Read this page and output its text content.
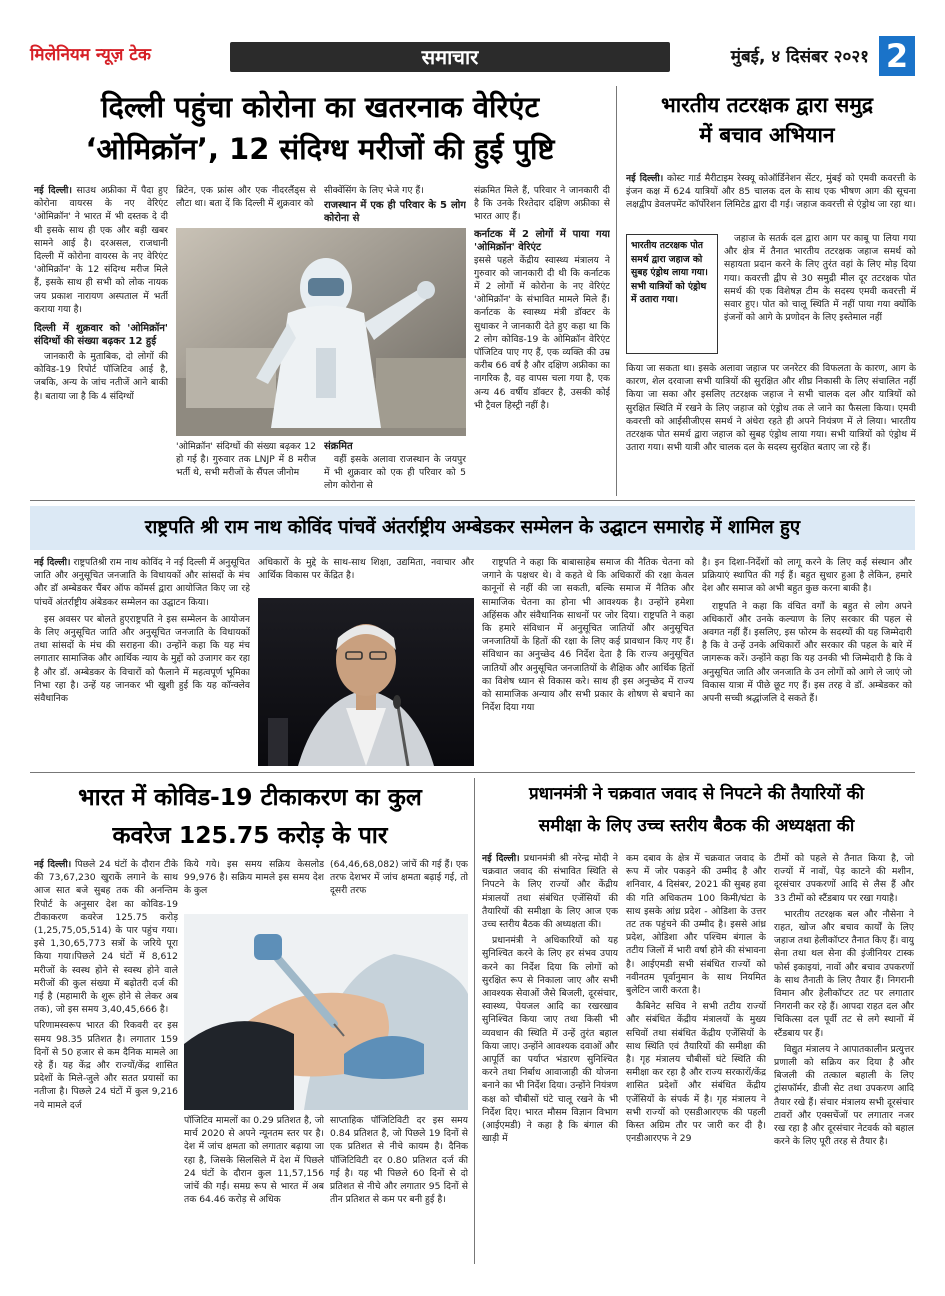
मिलेनियम न्यूज़ टेक	समाचार	मुंबई, ४ दिसंबर २०२१ 2
दिल्ली पहुंचा कोरोना का खतरनाक वेरिएंट
‘ओमिक्रॉन’, 12 संदिग्ध मरीजों की हुई पुष्टि

नई दिल्ली। साउथ अफ्रीका में पैदा हुए कोरोना वायरस के नए वेरिएंट 'ओमिक्रॉन' ने भारत में भी दस्तक दे दी थी इसके साथ ही एक और बड़ी खबर सामने आई है। दरअसल, राजधानी दिल्ली में कोरोना वायरस के नए वेरिएंट 'ओमिक्रॉन' के 12 संदिग्ध मरीज मिले हैं, इसके साथ ही सभी को लोक नायक जय प्रकाश नारायण अस्पताल में भर्ती कराया गया है।

दिल्ली में शुक्रवार को 'ओमिक्रॉन' संदिग्धों की संख्या बढ़कर 12 हुई

जानकारी के मुताबिक, दो लोगों की कोविड-19 रिपोर्ट पॉजिटिव आई है, जबकि, अन्य के जांच नतीजें आने बाकी है। बताया जा है कि 4 संदिग्धों

ब्रिटेन, एक फ्रांस और एक नीदरलैंड्स से लौटा था। बता दें कि दिल्ली में शुक्रवार को

सीक्वेंसिंग के लिए भेजे गए हैं।

राजस्थान में एक ही परिवार के 5 लोग कोरोना से

'ओमिक्रॉन' संदिग्धों की संख्या बढ़कर 12 हो गई है। गुरुवार तक LNJP में 8 मरीज भर्ती थे, सभी मरीजों के सैंपल जीनोम

संक्रमित

वहीं इसके अलावा राजस्थान के जयपुर में भी शुक्रवार को एक ही परिवार को 5 लोग कोरोना से

संक्रमित मिले हैं, परिवार ने जानकारी दी है कि उनके रिश्तेदार दक्षिण अफ्रीका से भारत आए हैं।

कर्नाटक में 2 लोगों में पाया गया 'ओमिक्रॉन' वेरिएंट

इससे पहले केंद्रीय स्वास्थ्य मंत्रालय ने गुरुवार को जानकारी दी थी कि कर्नाटक में 2 लोगों में कोरोना के नए वेरिएंट 'ओमिक्रॉन' के संभावित मामले मिले हैं। कर्नाटक के स्वास्थ्य मंत्री डॉक्टर के सुधाकर ने जानकारी देते हुए कहा था कि 2 लोग कोविड-19 के ओमिक्रॉन वेरिएंट पॉजिटिव पाए गए हैं, एक व्यक्ति की उम्र करीब 66 वर्ष है और दक्षिण अफ्रीका का नागरिक है, वह वापस चला गया है, एक अन्य 46 वर्षीय डॉक्टर है, उसकी कोई भी ट्रैवल हिस्ट्री नहीं है।

भारतीय तटरक्षक द्वारा समुद्र
में बचाव अभियान

नई दिल्ली। कोस्ट गार्ड मैरीटाइम रेस्क्यू कोऑर्डिनेशन सेंटर, मुंबई को एमवी कवरत्ती के इंजन कक्ष में 624 यात्रियों और 85 चालक दल के साथ एक भीषण आग की सूचना लक्षद्वीप डेवलपमेंट कॉर्पोरेशन लिमिटेड द्वारा दी गई। जहाज कवरत्ती से एंड्रोथ जा रहा था।

भारतीय तटरक्षक पोत समर्थ द्वारा जहाज को सुबह एंड्रोथ लाया गया। सभी यात्रियों को एंड्रोथ में उतारा गया।

जहाज के सतर्क दल द्वारा आग पर काबू पा लिया गया और क्षेत्र में तैनात भारतीय तटरक्षक जहाज समर्थ को सहायता प्रदान करने के लिए तुरंत वहां के लिए मोड़ दिया गया। कवरत्ती द्वीप से 30 समुद्री मील दूर तटरक्षक पोत समर्थ की एक विशेषज्ञ टीम के सदस्य एमवी कवरत्ती में सवार हुए। पोत को चालू स्थिति में नहीं पाया गया क्योंकि इंजनों को आगे के प्रणोदन के लिए इस्तेमाल नहीं

किया जा सकता था। इसके अलावा जहाज पर जनरेटर की विफलता के कारण, आग के कारण, शेल दरवाजा सभी यात्रियों की सुरक्षित और शीघ्र निकासी के लिए संचालित नहीं किया जा सका और इसलिए तटरक्षक जहाज ने सभी चालक दल और यात्रियों को सुरक्षित स्थिति में रखने के लिए जहाज को एंड्रोथ तक ले जाने का फैसला किया। एमवी कवरत्ती को आईसीजीएस समर्थ ने अंधेरा रहते ही अपने नियंत्रण में ले लिया। भारतीय तटरक्षक पोत समर्थ द्वारा जहाज को सुबह एंड्रोथ लाया गया। सभी यात्रियों को एंड्रोथ में उतारा गया। सभी यात्री और चालक दल के सदस्य सुरक्षित बताए जा रहे हैं।

राष्ट्रपति श्री राम नाथ कोविंद पांचवें अंतर्राष्ट्रीय अम्बेडकर सम्मेलन के उद्घाटन समारोह में शामिल हुए

नई दिल्ली। राष्ट्रपतिश्री राम नाथ कोविंद ने नई दिल्ली में अनुसूचित जाति और अनुसूचित जनजाति के विधायकों और सांसदों के मंच और डॉ अम्बेडकर चैंबर ऑफ कॉमर्स द्वारा आयोजित किए जा रहे पांचवें अंतर्राष्ट्रीय अंबेडकर सम्मेलन का उद्घाटन किया।

इस अवसर पर बोलते हुएराष्ट्रपति ने इस सम्मेलन के आयोजन के लिए अनुसूचित जाति और अनुसूचित जनजाति के विधायकों तथा सांसदों के मंच की सराहना की। उन्होंने कहा कि यह मंच लगातार सामाजिक और आर्थिक न्याय के मुद्दों को उजागर कर रहा है और डॉ. अम्बेडकर के विचारों को फैलाने में महत्वपूर्ण भूमिका निभा रहा है। उन्हें यह जानकर भी खुशी हुई कि यह कॉन्क्लेव संवैधानिक

अधिकारों के मुद्दे के साथ-साथ शिक्षा, उद्यमिता, नवाचार और आर्थिक विकास पर केंद्रित है।

राष्ट्रपति ने कहा कि बाबासाहेब समाज की नैतिक चेतना को जगाने के पक्षधर थे। वे कहते थे कि अधिकारों की रक्षा केवल कानूनों से नहीं की जा सकती, बल्कि समाज में नैतिक और सामाजिक चेतना का होना भी आवश्यक है। उन्होंने हमेशा अहिंसक और संवैधानिक साधनों पर जोर दिया। राष्ट्रपति ने कहा कि हमारे संविधान में अनुसूचित जातियों और अनुसूचित जनजातियों के हितों की रक्षा के लिए कई प्रावधान किए गए हैं। संविधान का अनुच्छेद 46 निर्देश देता है कि राज्य अनुसूचित जातियों और अनुसूचित जनजातियों के शैक्षिक और आर्थिक हितों का विशेष ध्यान से विकास करे। साथ ही इस अनुच्छेद में राज्य को सामाजिक अन्याय और सभी प्रकार के शोषण से बचाने का निर्देश दिया गया

है। इन दिशा-निर्देशों को लागू करने के लिए कई संस्थान और प्रक्रियाएं स्थापित की गई हैं। बहुत सुधार हुआ है लेकिन, हमारे देश और समाज को अभी बहुत कुछ करना बाकी है।

राष्ट्रपति ने कहा कि वंचित वर्गों के बहुत से लोग अपने अधिकारों और उनके कल्याण के लिए सरकार की पहल से अवगत नहीं हैं। इसलिए, इस फोरम के सदस्यों की यह जिम्मेदारी है कि वे उन्हें उनके अधिकारों और सरकार की पहल के बारे में जागरूक करें। उन्होंने कहा कि यह उनकी भी जिम्मेदारी है कि वे अनुसूचित जाति और जनजाति के उन लोगों को आगे ले जाएं जो विकास यात्रा में पीछे छूट गए हैं। इस तरह वे डॉ. अम्बेडकर को अपनी सच्ची श्रद्धांजलि दे सकते हैं।

भारत में कोविड-19 टीकाकरण का कुल
कवरेज 125.75 करोड़ के पार

नई दिल्ली। पिछले 24 घंटों के दौरान टीके की 73,67,230 खुराकें लगाने के साथ आज सात बजे सुबह तक की अनन्तिम रिपोर्ट के अनुसार देश का कोविड-19 टीकाकरण कवरेज 125.75 करोड़ (1,25,75,05,514) के पार पहुंच गया। इसे 1,30,65,773 सत्रों के जरिये पूरा किया गया।पिछले 24 घंटों में 8,612 मरीजों के स्वस्थ होने से स्वस्थ होने वाले मरीजों की कुल संख्या में बढ़ोतरी दर्ज की गई है (महामारी के शुरू होने से लेकर अब तक), जो इस समय 3,40,45,666 है।

परिणामस्वरूप भारत की रिकवरी दर इस समय 98.35 प्रतिशत है। लगातार 159 दिनों से 50 हजार से कम दैनिक मामले आ रहे हैं। यह केंद्र और राज्यों/केंद्र शासित प्रदेशों के मिले-जुले और सतत प्रयासों का नतीजा है। पिछले 24 घंटों में कुल 9,216 नये मामले दर्ज

किये गये। इस समय सक्रिय केसलोड 99,976 है। सक्रिय मामले इस समय देश के कुल

(64,46,68,082) जांचें की गई हैं। एक तरफ देशभर में जांच क्षमता बढ़ाई गई, तो दूसरी तरफ

पॉजिटिव मामलों का 0.29 प्रतिशत है, जो मार्च 2020 से अपने न्यूनतम स्तर पर है। देश में जांच क्षमता को लगातार बढ़ाया जा रहा है, जिसके सिलसिले में देश में पिछले 24 घंटों के दौरान कुल 11,57,156 जांचें की गईं। समग्र रूप से भारत में अब तक 64.46 करोड़ से अधिक

साप्ताहिक पॉजिटिविटी दर इस समय 0.84 प्रतिशत है, जो पिछले 19 दिनों से एक प्रतिशत से नीचे कायम है। दैनिक पॉजिटिविटी दर 0.80 प्रतिशत दर्ज की गई है। यह भी पिछले 60 दिनों से दो प्रतिशत से नीचे और लगातार 95 दिनों से तीन प्रतिशत से कम पर बनी हुई है।

प्रधानमंत्री ने चक्रवात जवाद से निपटने की तैयारियों की
समीक्षा के लिए उच्च स्तरीय बैठक की अध्यक्षता की

नई दिल्ली। प्रधानमंत्री श्री नरेन्द्र मोदी ने चक्रवात जवाद की संभावित स्थिति से निपटने के लिए राज्यों और केंद्रीय मंत्रालयों तथा संबंधित एजेंसियों की तैयारियों की समीक्षा के लिए आज एक उच्च स्तरीय बैठक की अध्यक्षता की।

प्रधानमंत्री ने अधिकारियों को यह सुनिश्चित करने के लिए हर संभव उपाय करने का निर्देश दिया कि लोगों को सुरक्षित रूप से निकाला जाए और सभी आवश्यक सेवाओं जैसे बिजली, दूरसंचार, स्वास्थ्य, पेयजल आदि का रखरखाव सुनिश्चित किया जाए तथा किसी भी व्यवधान की स्थिति में उन्हें तुरंत बहाल किया जाए। उन्होंने आवश्यक दवाओं और आपूर्ति का पर्याप्त भंडारण सुनिश्चित करने तथा निर्बाध आवाजाही की योजना बनाने का भी निर्देश दिया। उन्होंने नियंत्रण कक्ष को चौबीसों घंटे चालू रखने के भी निर्देश दिए। भारत मौसम विज्ञान विभाग (आईएमडी) ने कहा है कि बंगाल की खाड़ी में

कम दबाव के क्षेत्र में चक्रवात जवाद के रूप में जोर पकड़ने की उम्मीद है और शनिवार, 4 दिसंबर, 2021 की सुबह हवा की गति अधिकतम 100 किमी/घंटा के साथ इसके आंध्र प्रदेश - ओडिशा के उत्तर तट तक पहुंचने की उम्मीद है। इससे आंध्र प्रदेश, ओडिशा और पश्चिम बंगाल के तटीय जिलों में भारी वर्षा होने की संभावना है। आईएमडी सभी संबंधित राज्यों को नवीनतम पूर्वानुमान के साथ नियमित बुलेटिन जारी करता है।

कैबिनेट सचिव ने सभी तटीय राज्यों और संबंधित केंद्रीय मंत्रालयों के मुख्य सचिवों तथा संबंधित केंद्रीय एजेंसियों के साथ स्थिति एवं तैयारियों की समीक्षा की है। गृह मंत्रालय चौबीसों घंटे स्थिति की समीक्षा कर रहा है और राज्य सरकारों/केंद्र शासित प्रदेशों और संबंधित केंद्रीय एजेंसियों के संपर्क में है। गृह मंत्रालय ने सभी राज्यों को एसडीआरएफ की पहली किस्त अग्रिम तौर पर जारी कर दी है। एनडीआरएफ ने 29

टीमों को पहले से तैनात किया है, जो राज्यों में नावों, पेड़ काटने की मशीन, दूरसंचार उपकरणों आदि से लैस हैं और 33 टीमों को स्टैंडबाय पर रखा गयाहै।

भारतीय तटरक्षक बल और नौसेना ने राहत, खोज और बचाव कार्यों के लिए जहाज तथा हेलीकॉप्टर तैनात किए हैं। वायु सेना तथा थल सेना की इंजीनियर टास्क फोर्स इकाइयां, नावों और बचाव उपकरणों के साथ तैनाती के लिए तैयार हैं। निगरानी विमान और हेलीकॉप्टर तट पर लगातार निगरानी कर रहे हैं। आपदा राहत दल और चिकित्सा दल पूर्वी तट से लगे स्थानों में स्टैंडबाय पर हैं।

विद्युत मंत्रालय ने आपातकालीन प्रत्युत्तर प्रणाली को सक्रिय कर दिया है और बिजली की तत्काल बहाली के लिए ट्रांसफॉर्मर, डीजी सेट तथा उपकरण आदि तैयार रखे हैं। संचार मंत्रालय सभी दूरसंचार टावरों और एक्सचेंजों पर लगातार नजर रख रहा है और दूरसंचार नेटवर्क को बहाल करने के लिए पूरी तरह से तैयार है।
